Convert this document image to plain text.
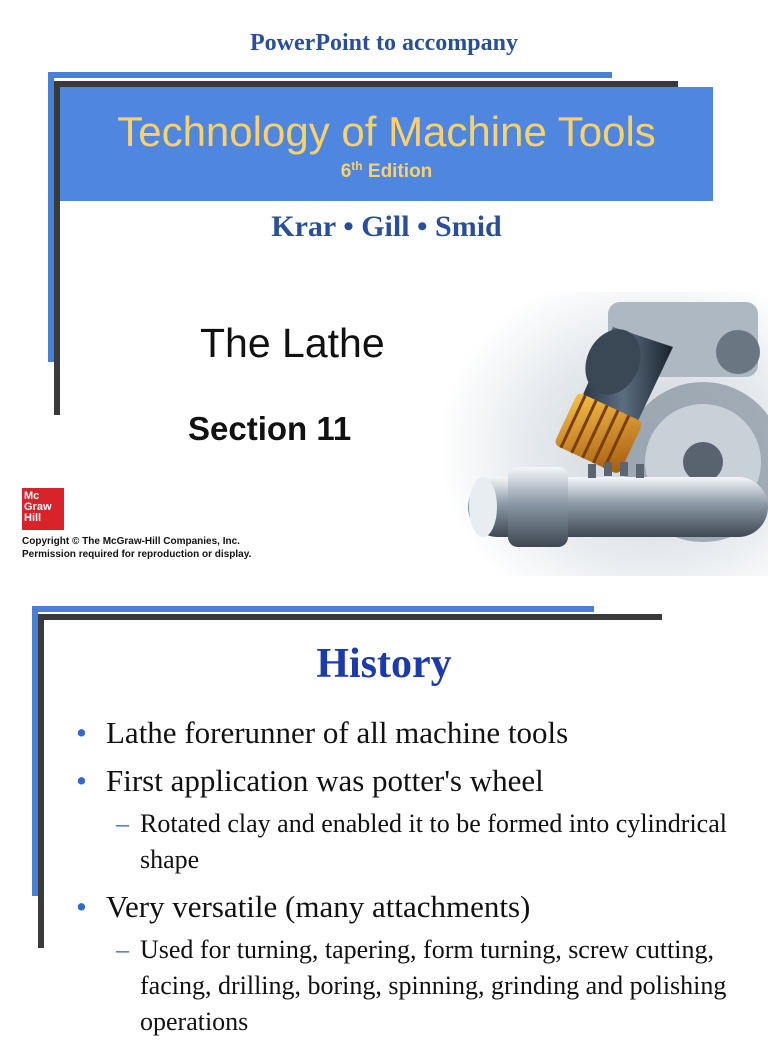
PowerPoint to accompany
Technology of Machine Tools
6th Edition
Krar • Gill • Smid
The Lathe
Section 11
Mc
Graw
Hill
Copyright © The McGraw-Hill Companies, Inc.
Permission required for reproduction or display.
History
• Lathe forerunner of all machine tools
• First application was potter's wheel
– Rotated clay and enabled it to be formed into cylindrical shape
• Very versatile (many attachments)
– Used for turning, tapering, form turning, screw cutting, facing, drilling, boring, spinning, grinding and polishing operations
